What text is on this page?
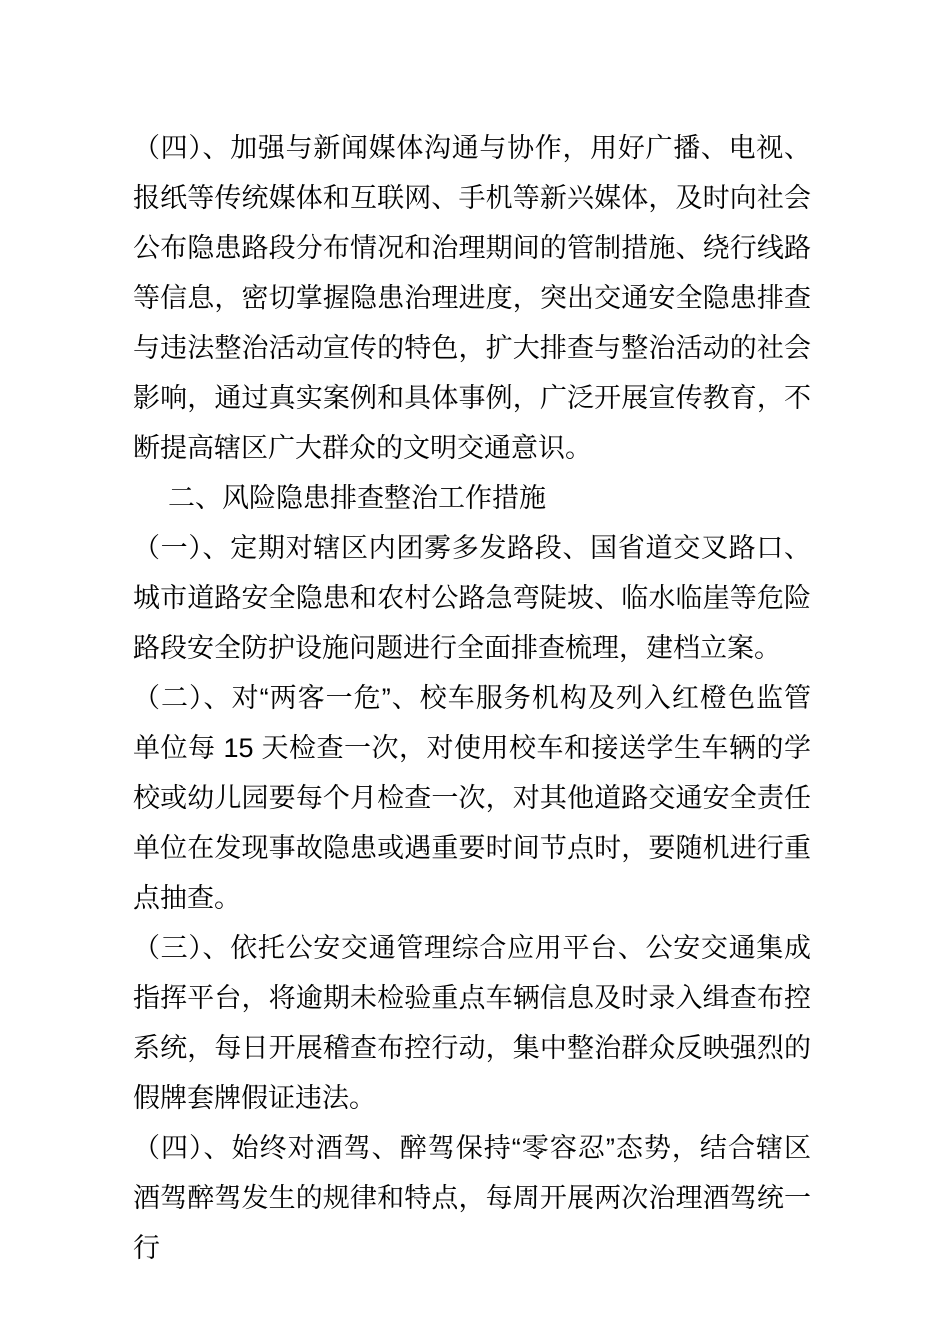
（四）、加强与新闻媒体沟通与协作，用好广播、电视、报纸等传统媒体和互联网、手机等新兴媒体，及时向社会公布隐患路段分布情况和治理期间的管制措施、绕行线路等信息，密切掌握隐患治理进度，突出交通安全隐患排查与违法整治活动宣传的特色，扩大排查与整治活动的社会影响，通过真实案例和具体事例，广泛开展宣传教育，不断提高辖区广大群众的文明交通意识。

二、风险隐患排查整治工作措施

（一）、定期对辖区内团雾多发路段、国省道交叉路口、城市道路安全隐患和农村公路急弯陡坡、临水临崖等危险路段安全防护设施问题进行全面排查梳理，建档立案。

（二）、对“两客一危”、校车服务机构及列入红橙色监管单位每 15 天检查一次，对使用校车和接送学生车辆的学校或幼儿园要每个月检查一次，对其他道路交通安全责任单位在发现事故隐患或遇重要时间节点时，要随机进行重点抽查。

（三）、依托公安交通管理综合应用平台、公安交通集成指挥平台，将逾期未检验重点车辆信息及时录入缉查布控系统，每日开展稽查布控行动，集中整治群众反映强烈的假牌套牌假证违法。

（四）、始终对酒驾、醉驾保持“零容忍”态势，结合辖区酒驾醉驾发生的规律和特点，每周开展两次治理酒驾统一行
